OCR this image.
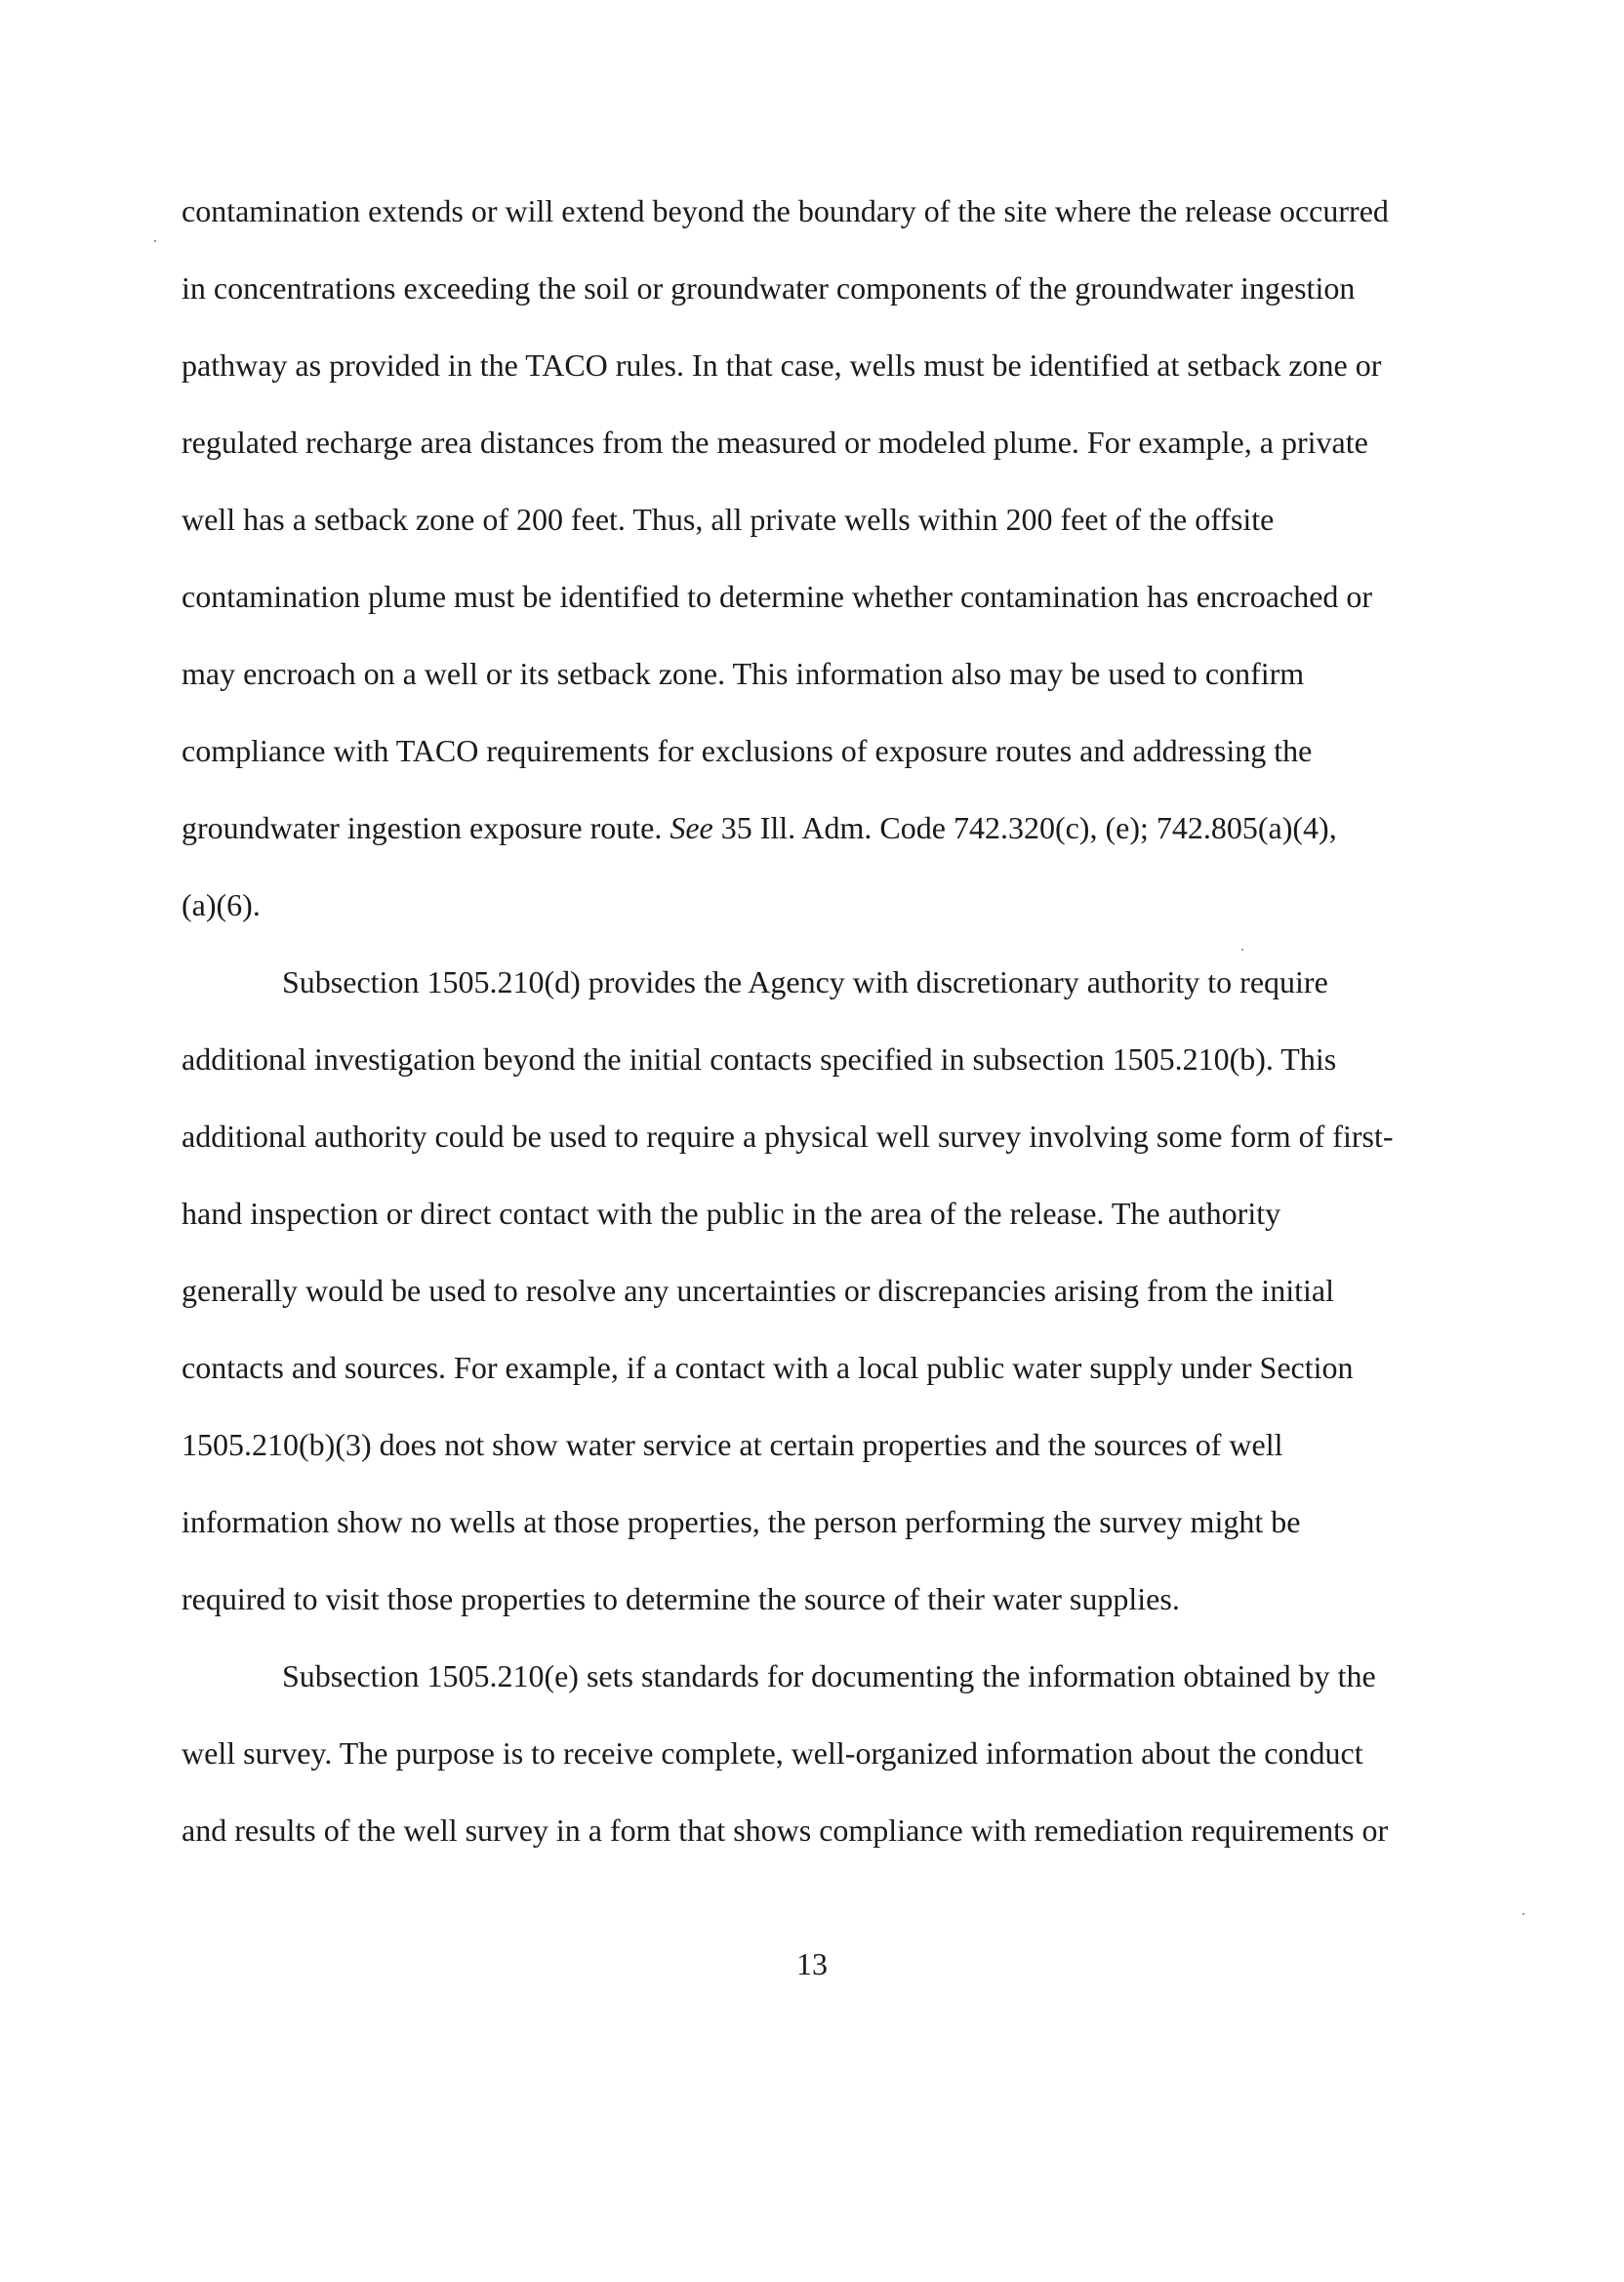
contamination extends or will extend beyond the boundary of the site where the release occurred
in concentrations exceeding the soil or groundwater components of the groundwater ingestion
pathway as provided in the TACO rules. In that case, wells must be identified at setback zone or
regulated recharge area distances from the measured or modeled plume. For example, a private
well has a setback zone of 200 feet. Thus, all private wells within 200 feet of the offsite
contamination plume must be identified to determine whether contamination has encroached or
may encroach on a well or its setback zone. This information also may be used to confirm
compliance with TACO requirements for exclusions of exposure routes and addressing the
groundwater ingestion exposure route. See 35 Ill. Adm. Code 742.320(c), (e); 742.805(a)(4),
(a)(6).
Subsection 1505.210(d) provides the Agency with discretionary authority to require
additional investigation beyond the initial contacts specified in subsection 1505.210(b). This
additional authority could be used to require a physical well survey involving some form of first-
hand inspection or direct contact with the public in the area of the release. The authority
generally would be used to resolve any uncertainties or discrepancies arising from the initial
contacts and sources. For example, if a contact with a local public water supply under Section
1505.210(b)(3) does not show water service at certain properties and the sources of well
information show no wells at those properties, the person performing the survey might be
required to visit those properties to determine the source of their water supplies.
Subsection 1505.210(e) sets standards for documenting the information obtained by the
well survey. The purpose is to receive complete, well-organized information about the conduct
and results of the well survey in a form that shows compliance with remediation requirements or
13
